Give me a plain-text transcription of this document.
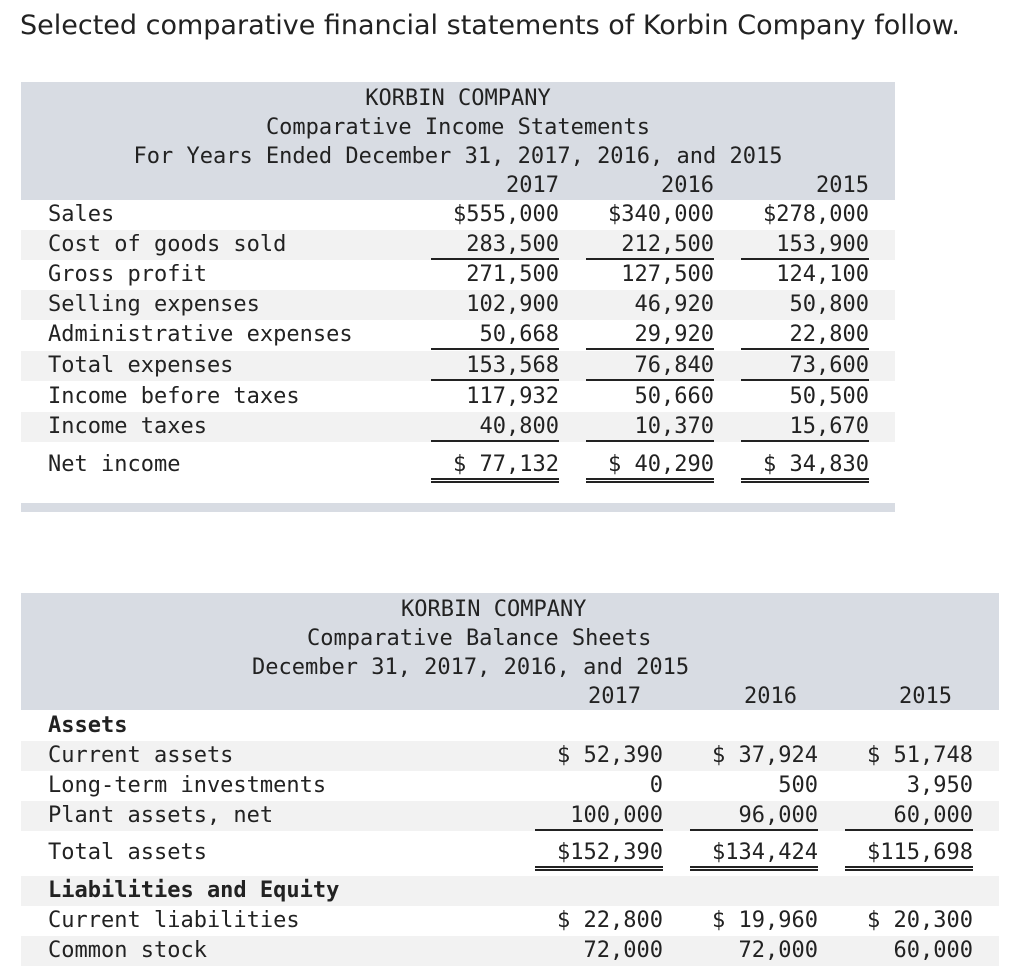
Selected comparative financial statements of Korbin Company follow.
KORBIN COMPANY
Comparative Income Statements
For Years Ended December 31, 2017, 2016, and 2015
2017	2016	2015
Sales	$555,000	$340,000	$278,000
Cost of goods sold	283,500	212,500	153,900
Gross profit	271,500	127,500	124,100
Selling expenses	102,900	46,920	50,800
Administrative expenses	50,668	29,920	22,800
Total expenses	153,568	76,840	73,600
Income before taxes	117,932	50,660	50,500
Income taxes	40,800	10,370	15,670
Net income	$ 77,132	$ 40,290	$ 34,830
KORBIN COMPANY
Comparative Balance Sheets
December 31, 2017, 2016, and 2015
2017	2016	2015
Assets
Current assets	$ 52,390	$ 37,924	$ 51,748
Long-term investments	0	500	3,950
Plant assets, net	100,000	96,000	60,000
Total assets	$152,390	$134,424	$115,698
Liabilities and Equity
Current liabilities	$ 22,800	$ 19,960	$ 20,300
Common stock	72,000	72,000	60,000
